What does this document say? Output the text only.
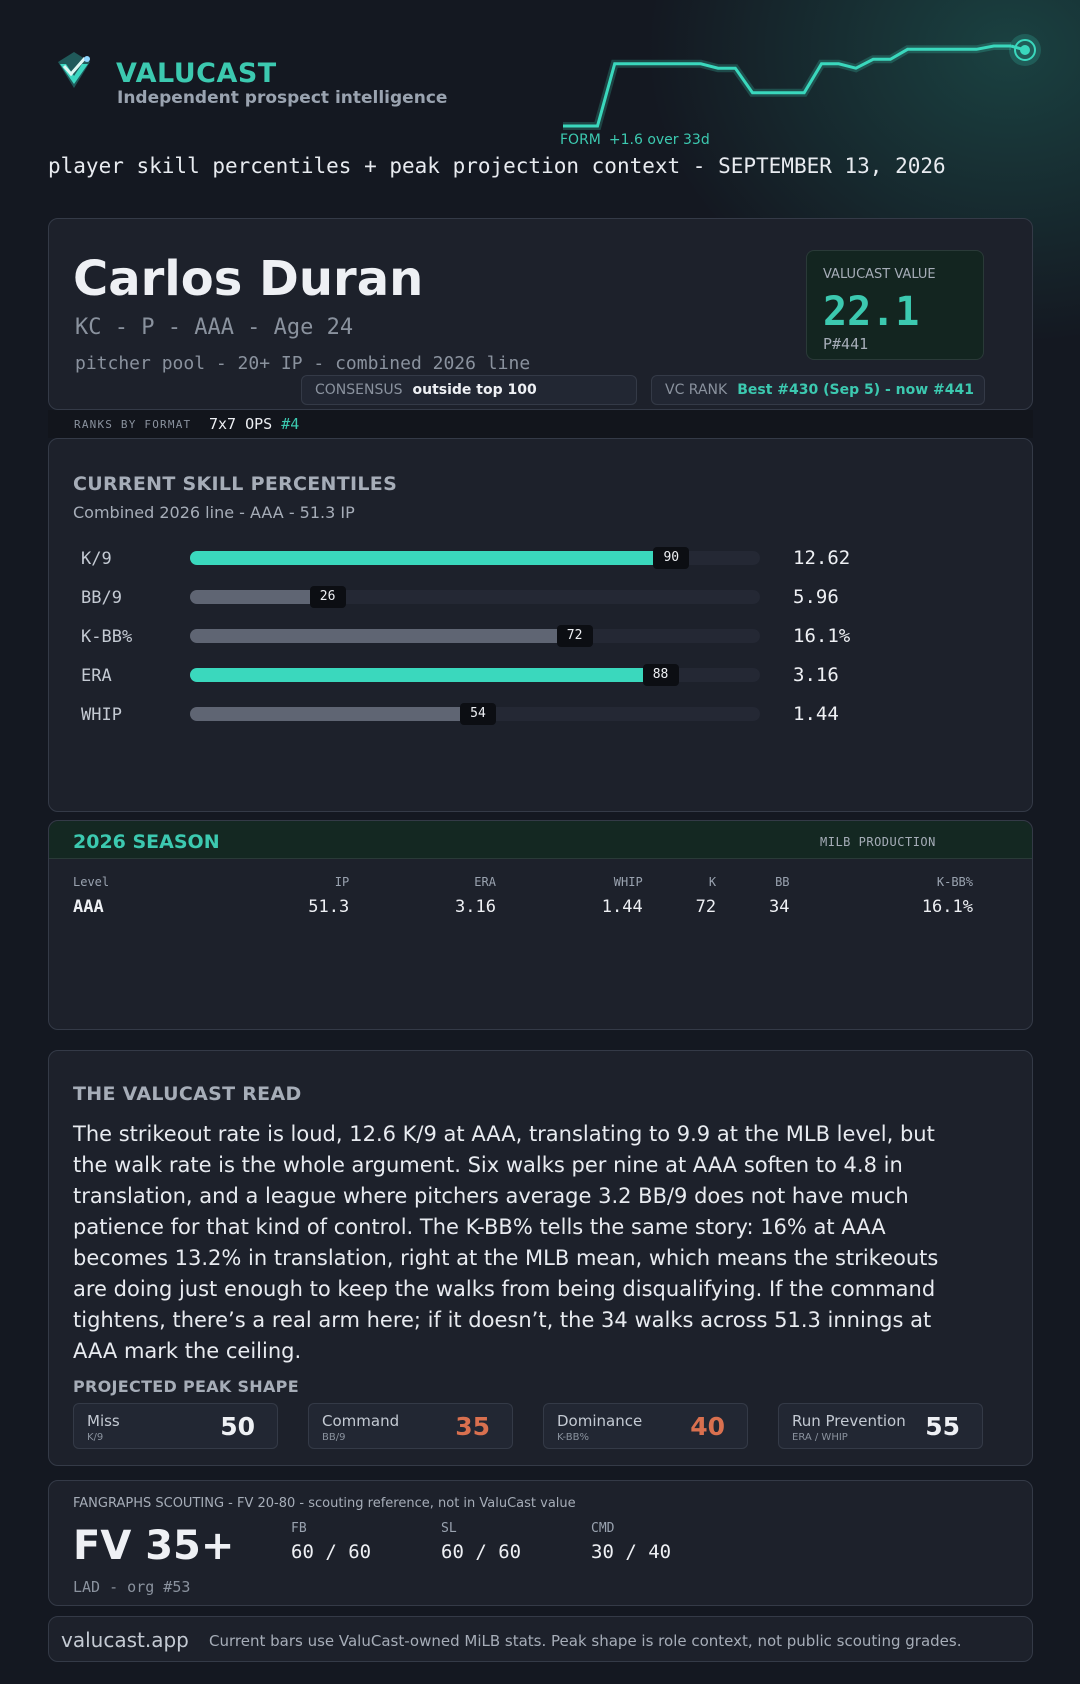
VALUCAST
Independent prospect intelligence
FORM +1.6 over 33d
player skill percentiles + peak projection context - SEPTEMBER 13, 2026
Carlos Duran
KC - P - AAA - Age 24
pitcher pool - 20+ IP - combined 2026 line
VALUCAST VALUE
22.1
P#441
CONSENSUS outside top 100	VC RANK Best #430 (Sep 5) - now #441
RANKS BY FORMAT 7x7 OPS #4
CURRENT SKILL PERCENTILES
Combined 2026 line - AAA - 51.3 IP
K/9	90	12.62
BB/9	26	5.96
K-BB%	72	16.1%
ERA	88	3.16
WHIP	54	1.44
2026 SEASON	MILB PRODUCTION
Level	IP	ERA	WHIP	K	BB	K-BB%
AAA	51.3	3.16	1.44	72	34	16.1%
THE VALUCAST READ
The strikeout rate is loud, 12.6 K/9 at AAA, translating to 9.9 at the MLB level, but the walk rate is the whole argument. Six walks per nine at AAA soften to 4.8 in translation, and a league where pitchers average 3.2 BB/9 does not have much patience for that kind of control. The K-BB% tells the same story: 16% at AAA becomes 13.2% in translation, right at the MLB mean, which means the strikeouts are doing just enough to keep the walks from being disqualifying. If the command tightens, there’s a real arm here; if it doesn’t, the 34 walks across 51.3 innings at AAA mark the ceiling.
PROJECTED PEAK SHAPE
Miss
K/9	50	Command
BB/9	35	Dominance
K-BB%	40	Run Prevention
ERA / WHIP	55
FANGRAPHS SCOUTING - FV 20-80 - scouting reference, not in ValuCast value
FV 35+
LAD - org #53
FB
60 / 60
SL
60 / 60
CMD
30 / 40
valucast.app Current bars use ValuCast-owned MiLB stats. Peak shape is role context, not public scouting grades.
